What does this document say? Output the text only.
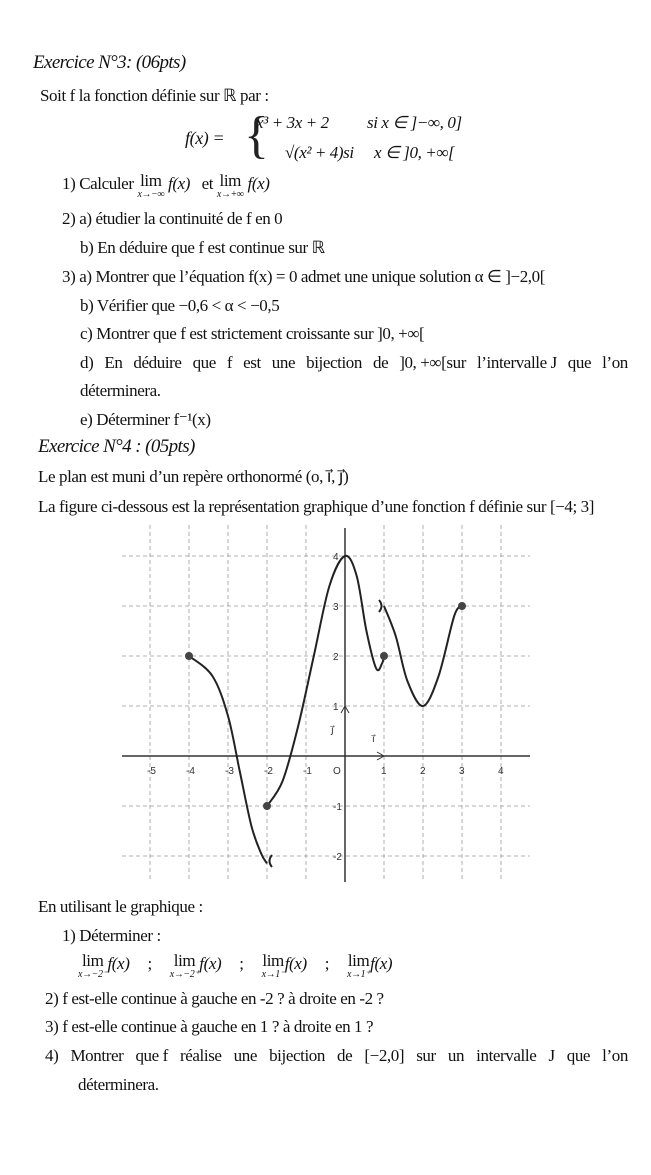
Exercice N°3: (06pts)
Soit f la fonction définie sur ℝ par :
f(x) = {
x³ + 3x + 2 si x ∈ ]−∞, 0]
√(x² + 4)si x ∈ ]0, +∞[
1) Calculer lim
x→−∞
f(x) et lim
x→+∞
f(x)
2) a) étudier la continuité de f en 0
b) En déduire que f est continue sur ℝ
3) a) Montrer que l’équation f(x) = 0 admet une unique solution α ∈ ]−2,0[
b) Vérifier que −0,6 < α < −0,5
c) Montrer que f est strictement croissante sur ]0, +∞[
d) En déduire que f est une bijection de ]0, +∞[sur l’intervalle J que l’on
déterminera.
e) Déterminer f⁻¹(x)
Exercice N°4 : (05pts)
Le plan est muni d’un repère orthonormé (o, i⃗, j⃗)
La figure ci-dessous est la représentation graphique d’une fonction f définie sur [−4; 3]
-5	-4	-3	-2	-1 O	1	2	3	4
4
3
2
1
-1
-2
i⃗
j⃗
En utilisant le graphique :
1) Déterminer :
lim
x→−2⁻
f(x) ; lim
x→−2⁺
f(x) ; lim
x→1⁻
f(x) ; lim
x→1⁺
f(x)
2) f est-elle continue à gauche en -2 ? à droite en -2 ?
3) f est-elle continue à gauche en 1 ? à droite en 1 ?
4) Montrer que f réalise une bijection de [−2,0] sur un intervalle J que l’on
déterminera.
